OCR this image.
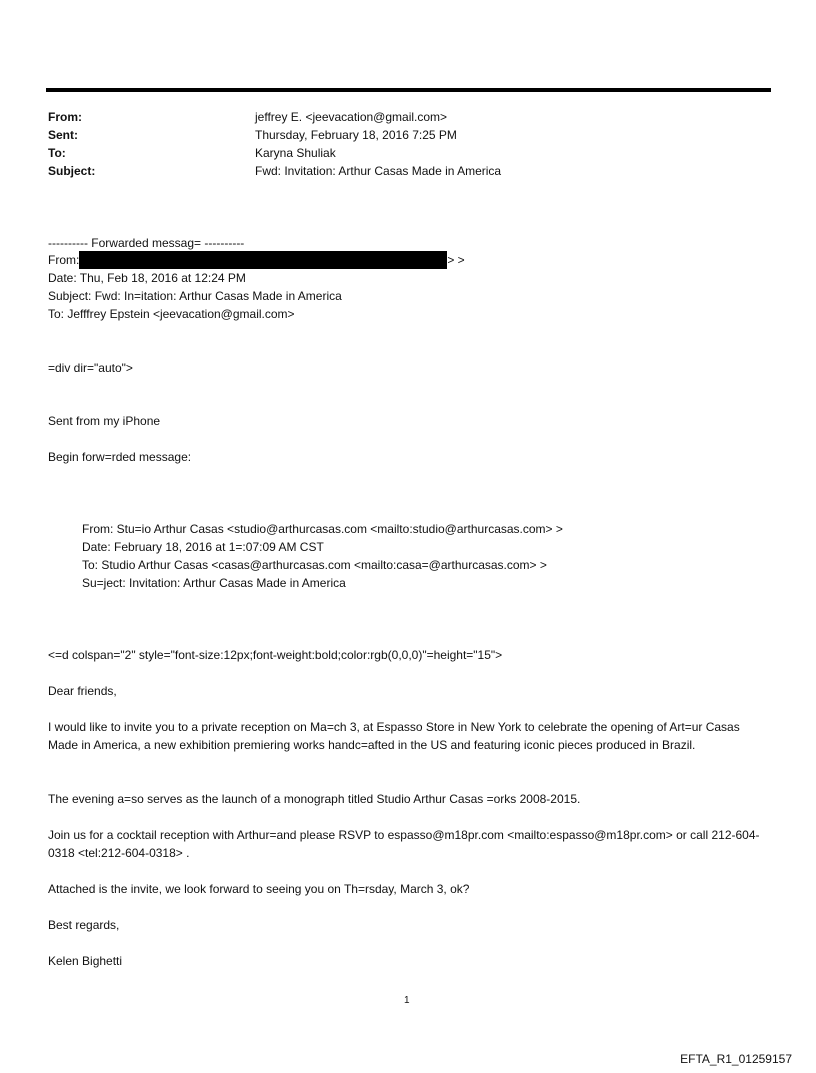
From:	jeffrey E. <jeevacation@gmail.com>
Sent:	Thursday, February 18, 2016 7:25 PM
To:	Karyna Shuliak
Subject:	Fwd: Invitation: Arthur Casas Made in America
---------- Forwarded messag= ----------
From:	> >
Date: Thu, Feb 18, 2016 at 12:24 PM
Subject: Fwd: In=itation: Arthur Casas Made in America
To: Jefffrey Epstein <jeevacation@gmail.com>
=div dir="auto">
Sent from my iPhone
Begin forw=rded message:
From: Stu=io Arthur Casas <studio@arthurcasas.com <mailto:studio@arthurcasas.com> >
Date: February 18, 2016 at 1=:07:09 AM CST
To: Studio Arthur Casas <casas@arthurcasas.com <mailto:casa=@arthurcasas.com> >
Su=ject: Invitation: Arthur Casas Made in America
<=d colspan="2" style="font-size:12px;font-weight:bold;color:rgb(0,0,0)"=height="15">
Dear friends,
I would like to invite you to a private reception on Ma=ch 3, at Espasso Store in New York to celebrate the opening of Art=ur Casas Made in America, a new exhibition premiering works handc=afted in the US and featuring iconic pieces produced in Brazil.
The evening a=so serves as the launch of a monograph titled Studio Arthur Casas =orks 2008-2015.
Join us for a cocktail reception with Arthur=and please RSVP to espasso@m18pr.com <mailto:espasso@m18pr.com> or call 212-604-0318 <tel:212-604-0318> .
Attached is the invite, we look forward to seeing you on Th=rsday, March 3, ok?
Best regards,
Kelen Bighetti
1
EFTA_R1_01259157
